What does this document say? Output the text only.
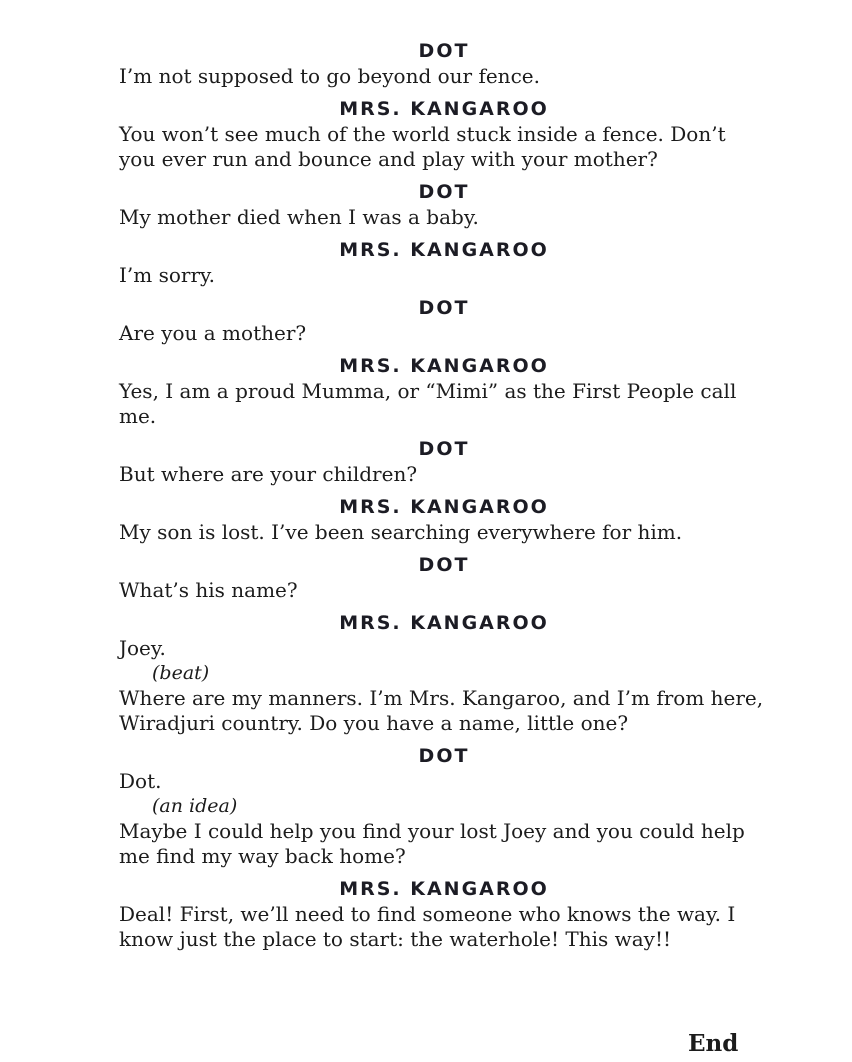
DOT
I’m not supposed to go beyond our fence.
MRS. KANGAROO
You won’t see much of the world stuck inside a fence. Don’t
you ever run and bounce and play with your mother?
DOT
My mother died when I was a baby.
MRS. KANGAROO
I’m sorry.
DOT
Are you a mother?
MRS. KANGAROO
Yes, I am a proud Mumma, or “Mimi” as the First People call
me.
DOT
But where are your children?
MRS. KANGAROO
My son is lost. I’ve been searching everywhere for him.
DOT
What’s his name?
MRS. KANGAROO
Joey.
(beat)
Where are my manners. I’m Mrs. Kangaroo, and I’m from here,
Wiradjuri country. Do you have a name, little one?
DOT
Dot.
(an idea)
Maybe I could help you find your lost Joey and you could help
me find my way back home?
MRS. KANGAROO
Deal! First, we’ll need to find someone who knows the way. I
know just the place to start: the waterhole! This way!!
End
